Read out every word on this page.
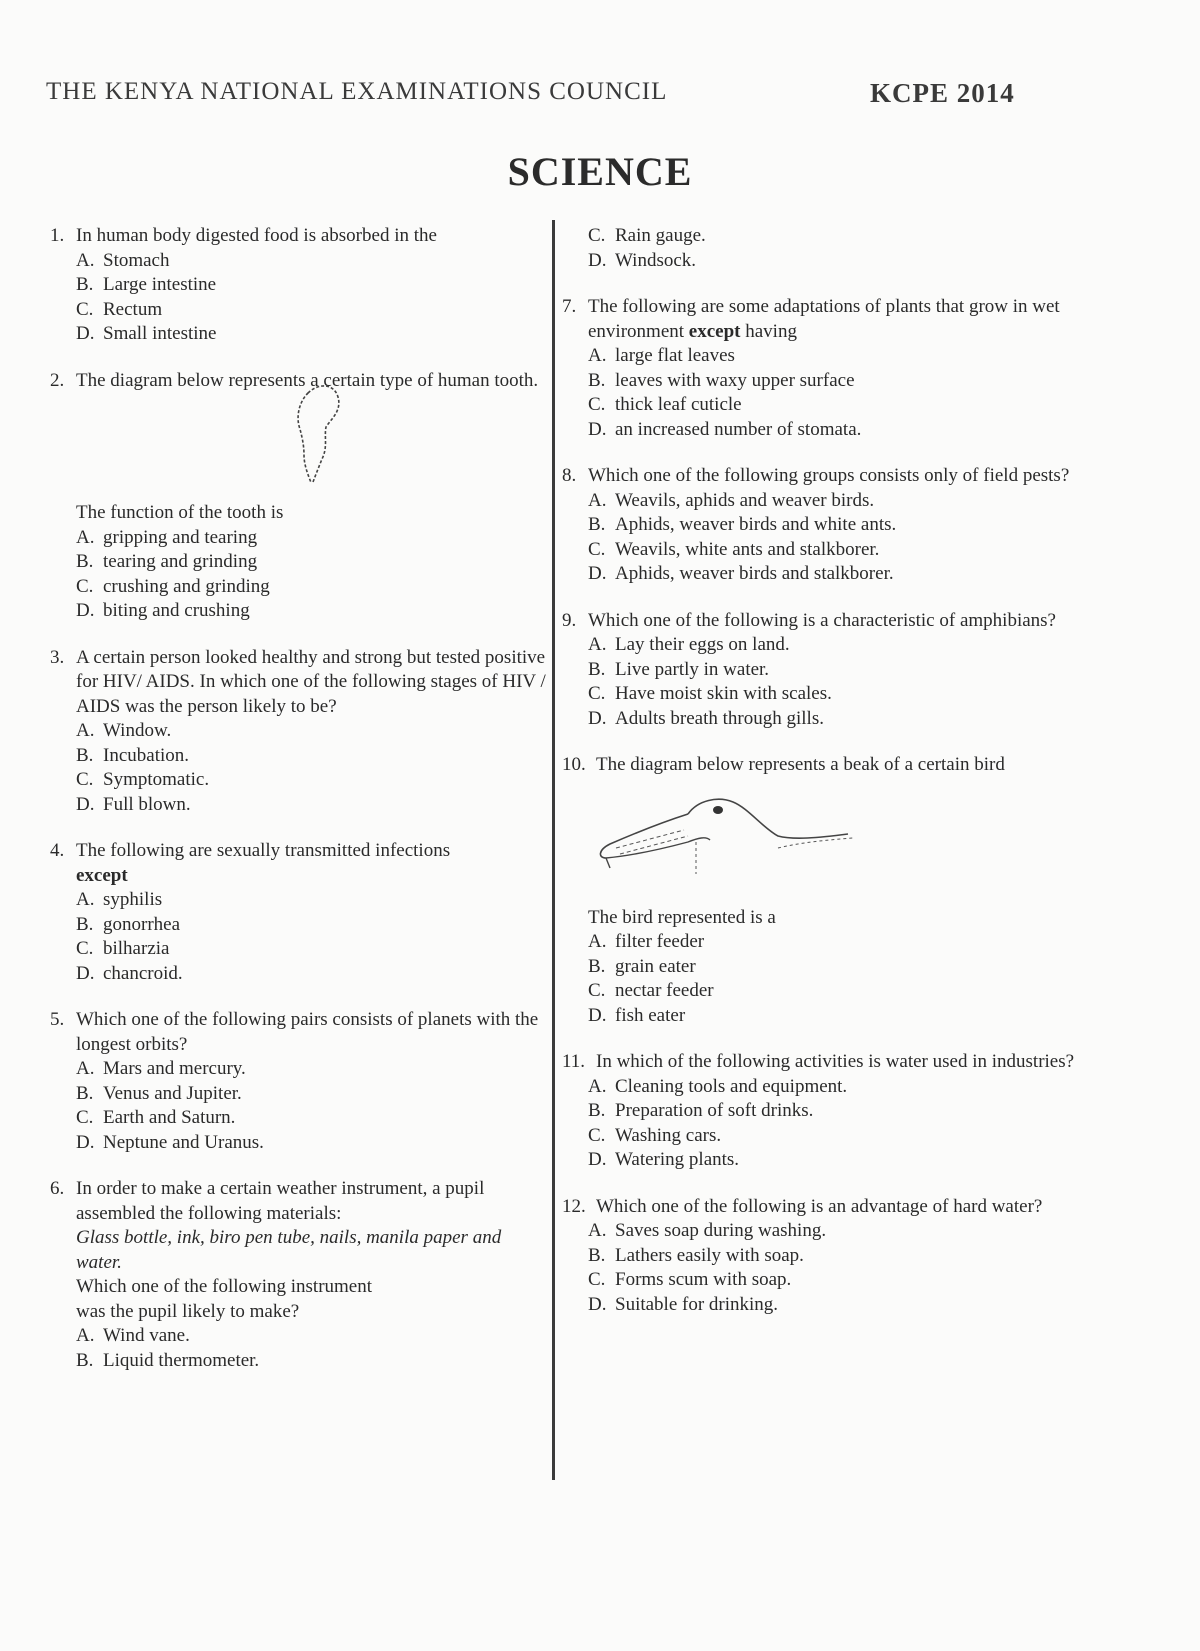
THE KENYA NATIONAL EXAMINATIONS COUNCIL	KCPE 2014
SCIENCE
1. In human body digested food is absorbed in the
A. Stomach
B. Large intestine
C. Rectum
D. Small intestine
2. The diagram below represents a certain type of human tooth.
The function of the tooth is
A. gripping and tearing
B. tearing and grinding
C. crushing and grinding
D. biting and crushing
3. A certain person looked healthy and strong but tested positive for HIV/ AIDS. In which one of the following stages of HIV / AIDS was the person likely to be?
A. Window.
B. Incubation.
C. Symptomatic.
D. Full blown.
4. The following are sexually transmitted infections
except
A. syphilis
B. gonorrhea
C. bilharzia
D. chancroid.
5. Which one of the following pairs consists of planets with the longest orbits?
A. Mars and mercury.
B. Venus and Jupiter.
C. Earth and Saturn.
D. Neptune and Uranus.
6. In order to make a certain weather instrument, a pupil assembled the following materials:
Glass bottle, ink, biro pen tube, nails, manila paper and water.
Which one of the following instrument was the pupil likely to make?
A. Wind vane.
B. Liquid thermometer.
C. Rain gauge.
D. Windsock.
7. The following are some adaptations of plants that grow in wet environment except having
A. large flat leaves
B. leaves with waxy upper surface
C. thick leaf cuticle
D. an increased number of stomata.
8. Which one of the following groups consists only of field pests?
A. Weavils, aphids and weaver birds.
B. Aphids, weaver birds and white ants.
C. Weavils, white ants and stalkborer.
D. Aphids, weaver birds and stalkborer.
9. Which one of the following is a characteristic of amphibians?
A. Lay their eggs on land.
B. Live partly in water.
C. Have moist skin with scales.
D. Adults breath through gills.
10. The diagram below represents a beak of a certain bird
The bird represented is a
A. filter feeder
B. grain eater
C. nectar feeder
D. fish eater
11. In which of the following activities is water used in industries?
A. Cleaning tools and equipment.
B. Preparation of soft drinks.
C. Washing cars.
D. Watering plants.
12. Which one of the following is an advantage of hard water?
A. Saves soap during washing.
B. Lathers easily with soap.
C. Forms scum with soap.
D. Suitable for drinking.
